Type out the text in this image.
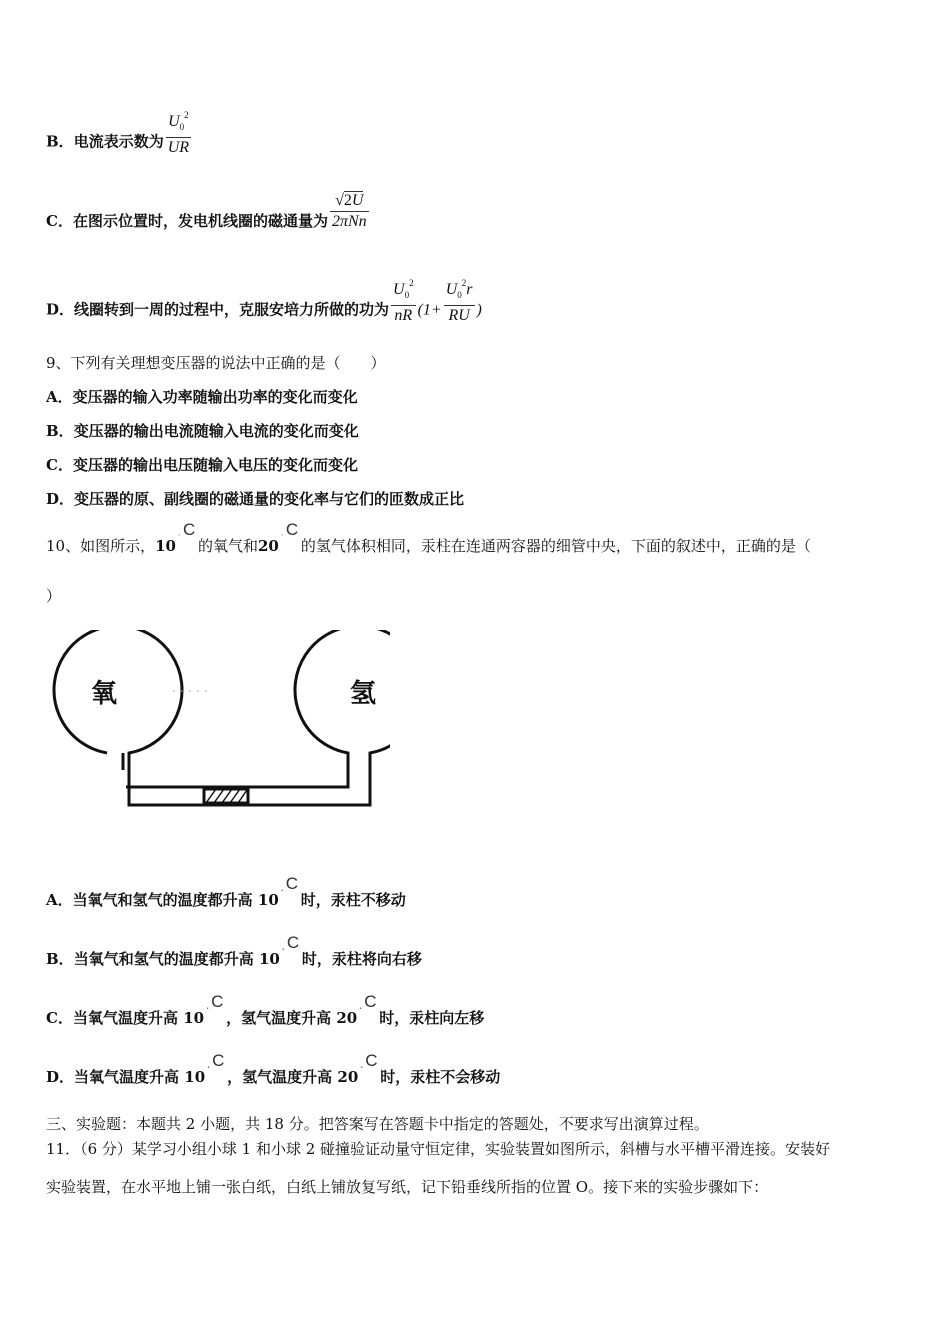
B．电流表示数为 $\frac{U_0^2}{UR}$
C．在图示位置时，发电机线圈的磁通量为 $\frac{√2U}{\text{2πNn}}$
D．线圈转到一周的过程中，克服安培力所做的功为 $\frac{U_0^2}{nR} (1+ \frac{U_0^2r}{RU}$ )
9、下列有关理想变压器的说法中正确的是（　　）
A．变压器的输入功率随输出功率的变化而变化
B．变压器的输出电流随输入电流的变化而变化
C．变压器的输出电压随输入电压的变化而变化
D．变压器的原、副线圈的磁通量的变化率与它们的匝数成正比
10、如图所示，10
· C
的氧气和20
· C
的氢气体积相同，汞柱在连通两容器的细管中央，下面的叙述中，正确的是（
）
氧	氢
A．当氧气和氢气的温度都升高 10
· C
时，汞柱不移动
B．当氧气和氢气的温度都升高 10
· C
时，汞柱将向右移
C．当氧气温度升高 10
· C
，氢气温度升高 20
· C
时，汞柱向左移
D．当氧气温度升高 10
· C
，氢气温度升高 20
· C
时，汞柱不会移动
三、实验题：本题共 2 小题，共 18 分。把答案写在答题卡中指定的答题处，不要求写出演算过程。
11．（6 分）某学习小组小球 1 和小球 2 碰撞验证动量守恒定律，实验装置如图所示，斜槽与水平槽平滑连接。安装好
实验装置，在水平地上铺一张白纸，白纸上铺放复写纸，记下铅垂线所指的位置 O。接下来的实验步骤如下：
